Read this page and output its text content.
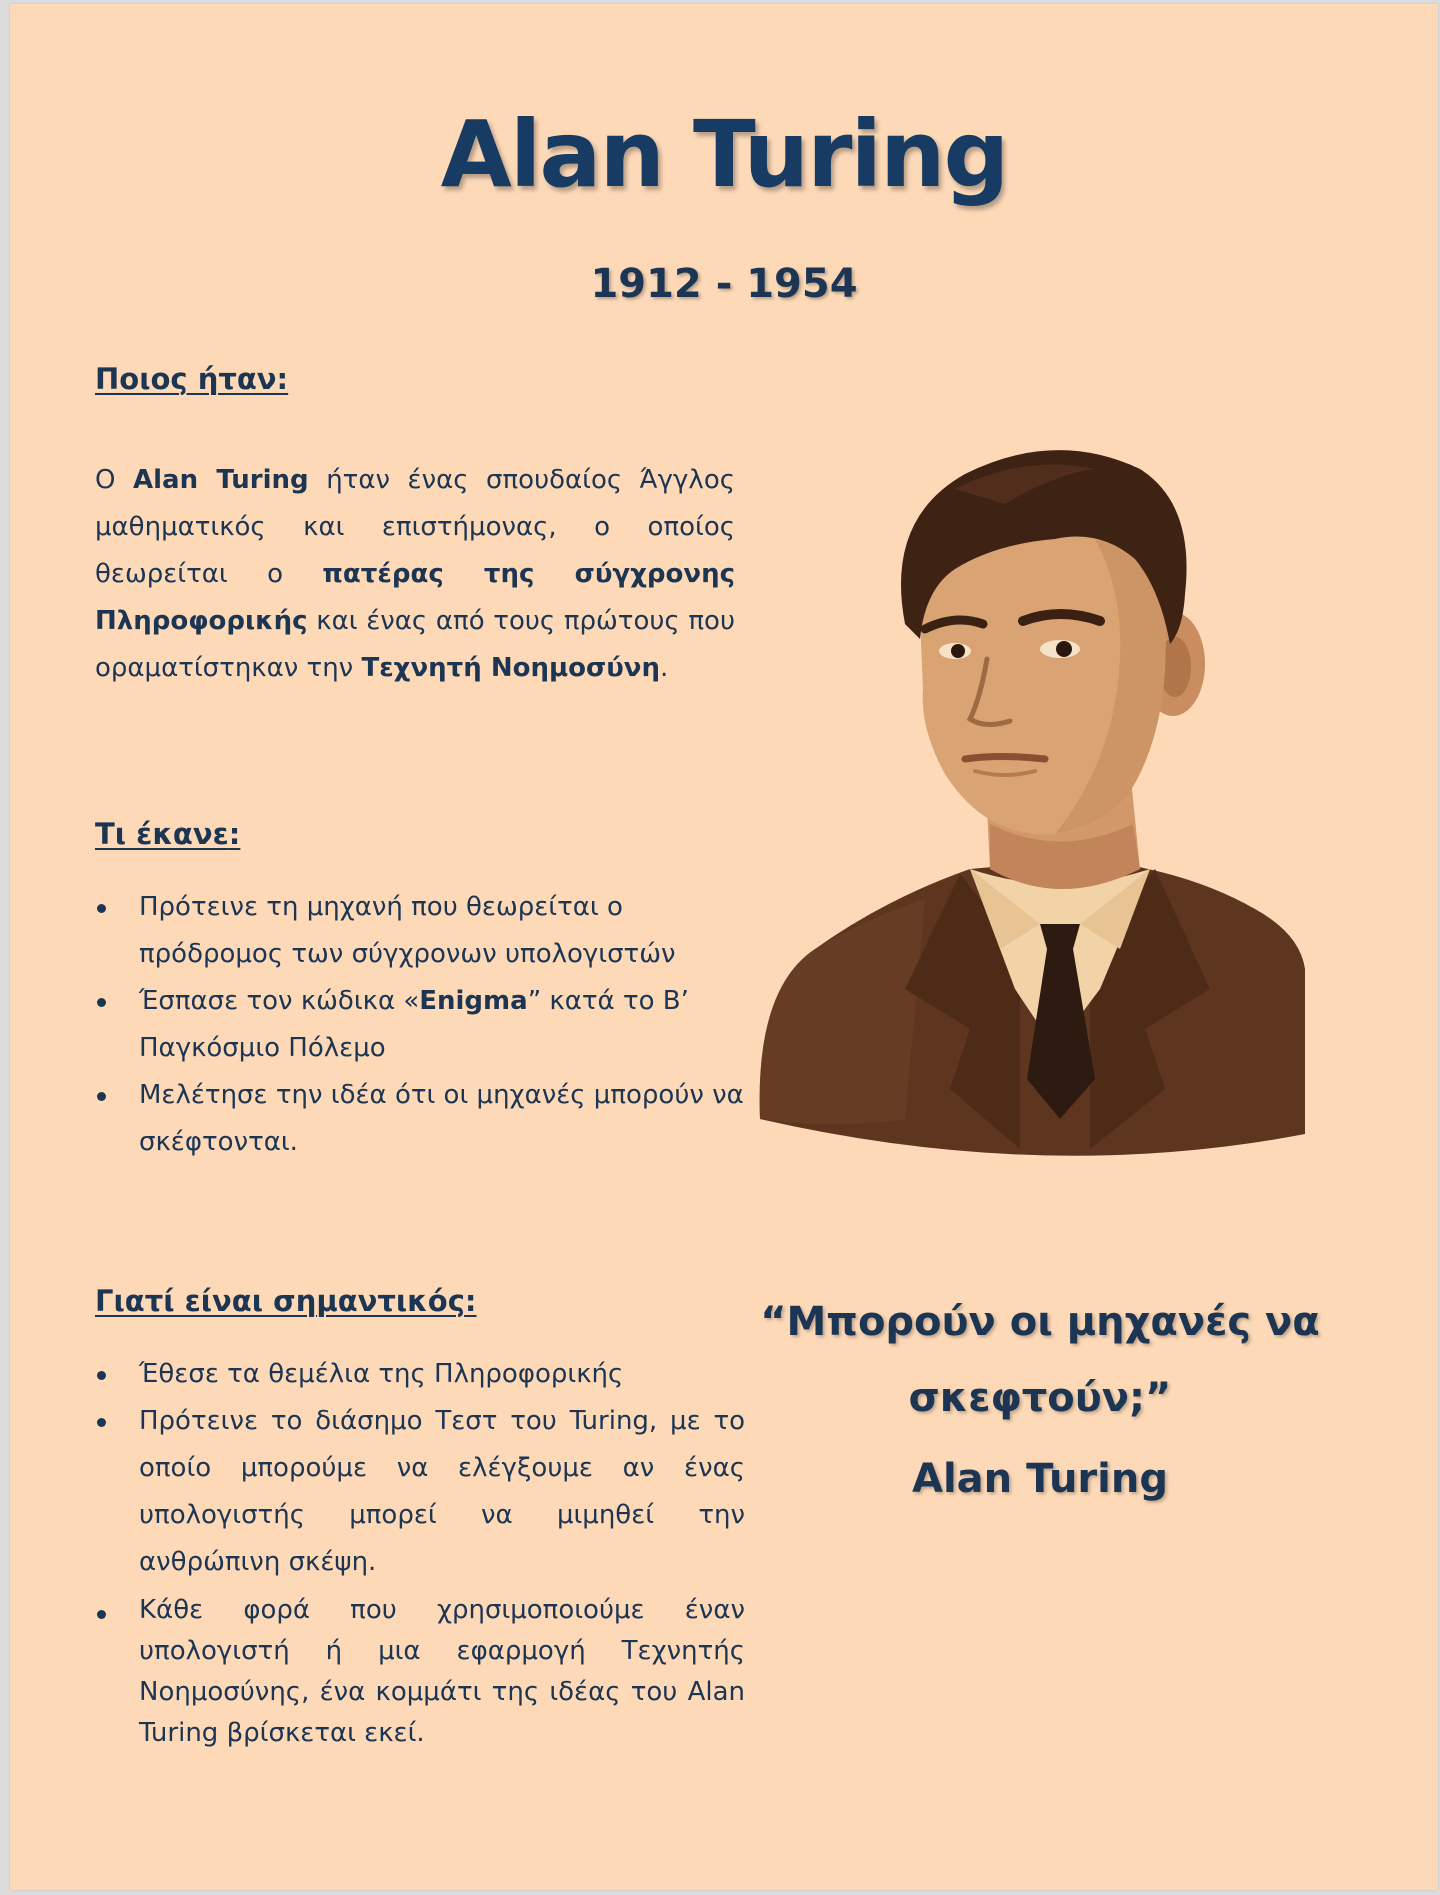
Alan Turing
1912 - 1954

Ποιος ήταν:

Ο Alan Turing ήταν ένας σπουδαίος Άγγλος μαθηματικός και επιστήμονας, ο οποίος θεωρείται ο πατέρας της σύγχρονης Πληροφορικής και ένας από τους πρώτους που οραματίστηκαν την Τεχνητή Νοημοσύνη.

Τι έκανε:

Πρότεινε τη μηχανή που θεωρείται ο πρόδρομος των σύγχρονων υπολογιστών
Έσπασε τον κώδικα «Enigma” κατά το Β’ Παγκόσμιο Πόλεμο
Μελέτησε την ιδέα ότι οι μηχανές μπορούν να σκέφτονται.

Γιατί είναι σημαντικός:

Έθεσε τα θεμέλια της Πληροφορικής
Πρότεινε το διάσημο Τεστ του Turing, με το οποίο μπορούμε να ελέγξουμε αν ένας υπολογιστής μπορεί να μιμηθεί την ανθρώπινη σκέψη.
Κάθε φορά που χρησιμοποιούμε έναν υπολογιστή ή μια εφαρμογή Τεχνητής Νοημοσύνης, ένα κομμάτι της ιδέας του Alan Turing βρίσκεται εκεί.

“Μπορούν οι μηχανές να σκεφτούν;”

Alan Turing
